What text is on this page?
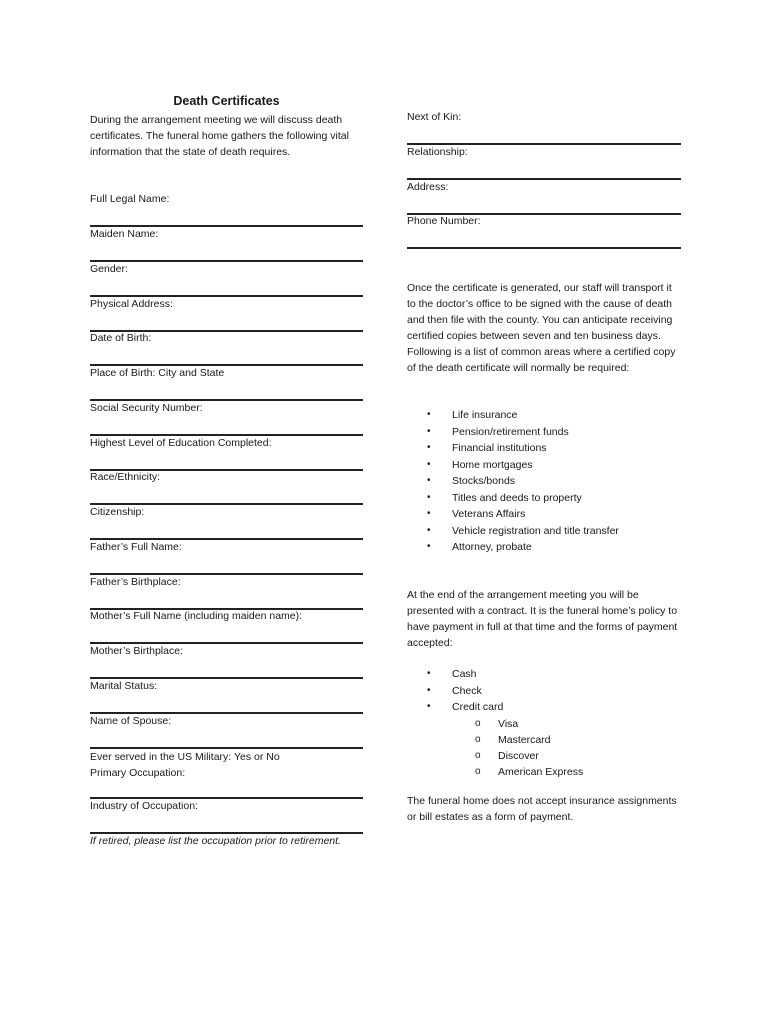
Death Certificates
During the arrangement meeting we will discuss death certificates. The funeral home gathers the following vital information that the state of death requires.
Full Legal Name:
Maiden Name:
Gender:
Physical Address:
Date of Birth:
Place of Birth: City and State
Social Security Number:
Highest Level of Education Completed:
Race/Ethnicity:
Citizenship:
Father’s Full Name:
Father’s Birthplace:
Mother’s Full Name (including maiden name):
Mother’s Birthplace:
Marital Status:
Name of Spouse:
Ever served in the US Military: Yes or No
Primary Occupation:
Industry of Occupation:
If retired, please list the occupation prior to retirement.
Next of Kin:
Relationship:
Address:
Phone Number:
Once the certificate is generated, our staff will transport it to the doctor’s office to be signed with the cause of death and then file with the county. You can anticipate receiving certified copies between seven and ten business days. Following is a list of common areas where a certified copy of the death certificate will normally be required:
• Life insurance
• Pension/retirement funds
• Financial institutions
• Home mortgages
• Stocks/bonds
• Titles and deeds to property
• Veterans Affairs
• Vehicle registration and title transfer
• Attorney, probate
At the end of the arrangement meeting you will be presented with a contract. It is the funeral home’s policy to have payment in full at that time and the forms of payment accepted:
• Cash
• Check
• Credit card
o Visa
o Mastercard
o Discover
o American Express
The funeral home does not accept insurance assignments or bill estates as a form of payment.
